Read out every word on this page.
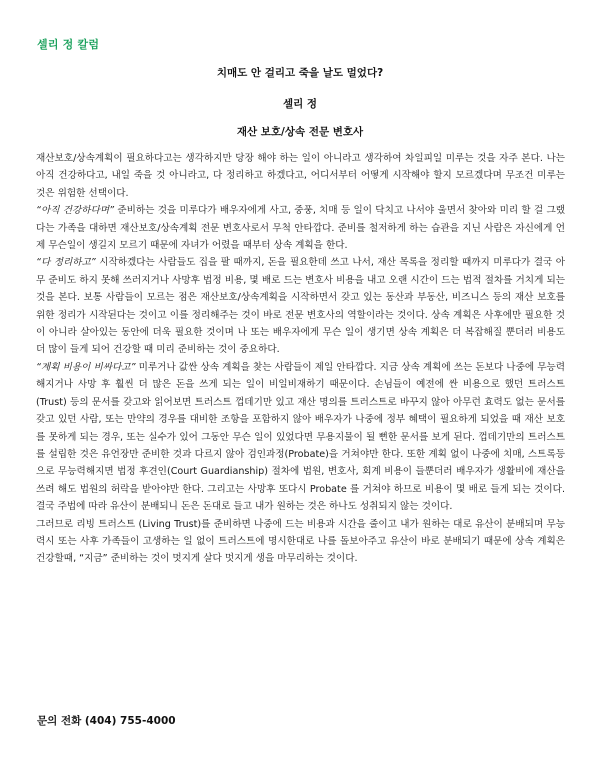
셀리 정 칼럼
치매도 안 걸리고 죽을 날도 멀었다?
셀리 정
재산 보호/상속 전문 변호사

재산보호/상속계획이 필요하다고는 생각하지만 당장 해야 하는 일이 아니라고 생각하여 차일피일 미루는 것을 자주 본다. 나는 아직 건강하다고, 내일 죽을 것 아니라고, 다 정리하고 하겠다고, 어디서부터 어떻게 시작해야 할지 모르겠다며 무조건 미루는 것은 위험한 선택이다.

“아직 건강하다며” 준비하는 것을 미루다가 배우자에게 사고, 중풍, 치매 등 일이 닥치고 나서야 울면서 찾아와 미리 할 걸 그랬다는 가족을 대하면 재산보호/상속계획 전문 변호사로서 무척 안타깝다. 준비를 철저하게 하는 습관을 지닌 사람은 자신에게 언제 무슨일이 생길지 모르기 때문에 자녀가 어렸을 때부터 상속 계획을 한다.

“다 정리하고” 시작하겠다는 사람들도 집을 팔 때까지, 돈을 필요한데 쓰고 나서, 재산 목록을 정리할 때까지 미루다가 결국 아무 준비도 하지 못해 쓰러지거나 사망후 법정 비용, 몇 배로 드는 변호사 비용을 내고 오랜 시간이 드는 법적 절차를 거치게 되는 것을 본다. 보통 사람들이 모르는 점은 재산보호/상속계획을 시작하면서 갖고 있는 동산과 부동산, 비즈니스 등의 재산 보호를 위한 정리가 시작된다는 것이고 이를 정리해주는 것이 바로 전문 변호사의 역할이라는 것이다. 상속 계획은 사후에만 필요한 것이 아니라 살아있는 동안에 더욱 필요한 것이며 나 또는 배우자에게 무슨 일이 생기면 상속 계획은 더 복잡해질 뿐더러 비용도 더 많이 들게 되어 건강할 때 미리 준비하는 것이 중요하다.

“계획 비용이 비싸다고” 미루거나 값싼 상속 계획을 찾는 사람들이 제일 안타깝다. 지금 상속 계획에 쓰는 돈보다 나중에 무능력해지거나 사망 후 훨씬 더 많은 돈을 쓰게 되는 일이 비일비재하기 때문이다. 손님들이 예전에 싼 비용으로 했던 트러스트(Trust) 등의 문서를 갖고와 읽어보면 트러스트 껍데기만 있고 재산 명의를 트러스트로 바꾸지 않아 아무런 효력도 없는 문서를 갖고 있던 사람, 또는 만약의 경우를 대비한 조항을 포함하지 않아 배우자가 나중에 정부 혜택이 필요하게 되었을 때 재산 보호를 못하게 되는 경우, 또는 실수가 있어 그동안 무슨 일이 있었다면 무용지물이 될 뻔한 문서를 보게 된다. 껍데기만의 트러스트를 설립한 것은 유언장만 준비한 것과 다르지 않아 검인과정(Probate)을 거쳐야만 한다. 또한 계획 없이 나중에 치매, 스트록등으로 무능력해지면 법정 후견인(Court Guardianship) 절차에 법원, 변호사, 회계 비용이 들뿐더러 배우자가 생활비에 재산을 쓰려 해도 법원의 허락을 받아야만 한다. 그리고는 사망후 또다시 Probate 를 거쳐야 하므로 비용이 몇 배로 들게 되는 것이다. 결국 주법에 따라 유산이 분배되니 돈은 돈대로 들고 내가 원하는 것은 하나도 성취되지 않는 것이다.

그러므로 리빙 트러스트 (Living Trust)를 준비하면 나중에 드는 비용과 시간을 줄이고 내가 원하는 대로 유산이 분배되며 무능력시 또는 사후 가족들이 고생하는 일 없이 트러스트에 명시한대로 나를 돌보아주고 유산이 바로 분배되기 때문에 상속 계획은 건강할때, “지금” 준비하는 것이 멋지게 살다 멋지게 생을 마무리하는 것이다.

문의 전화 (404) 755-4000
